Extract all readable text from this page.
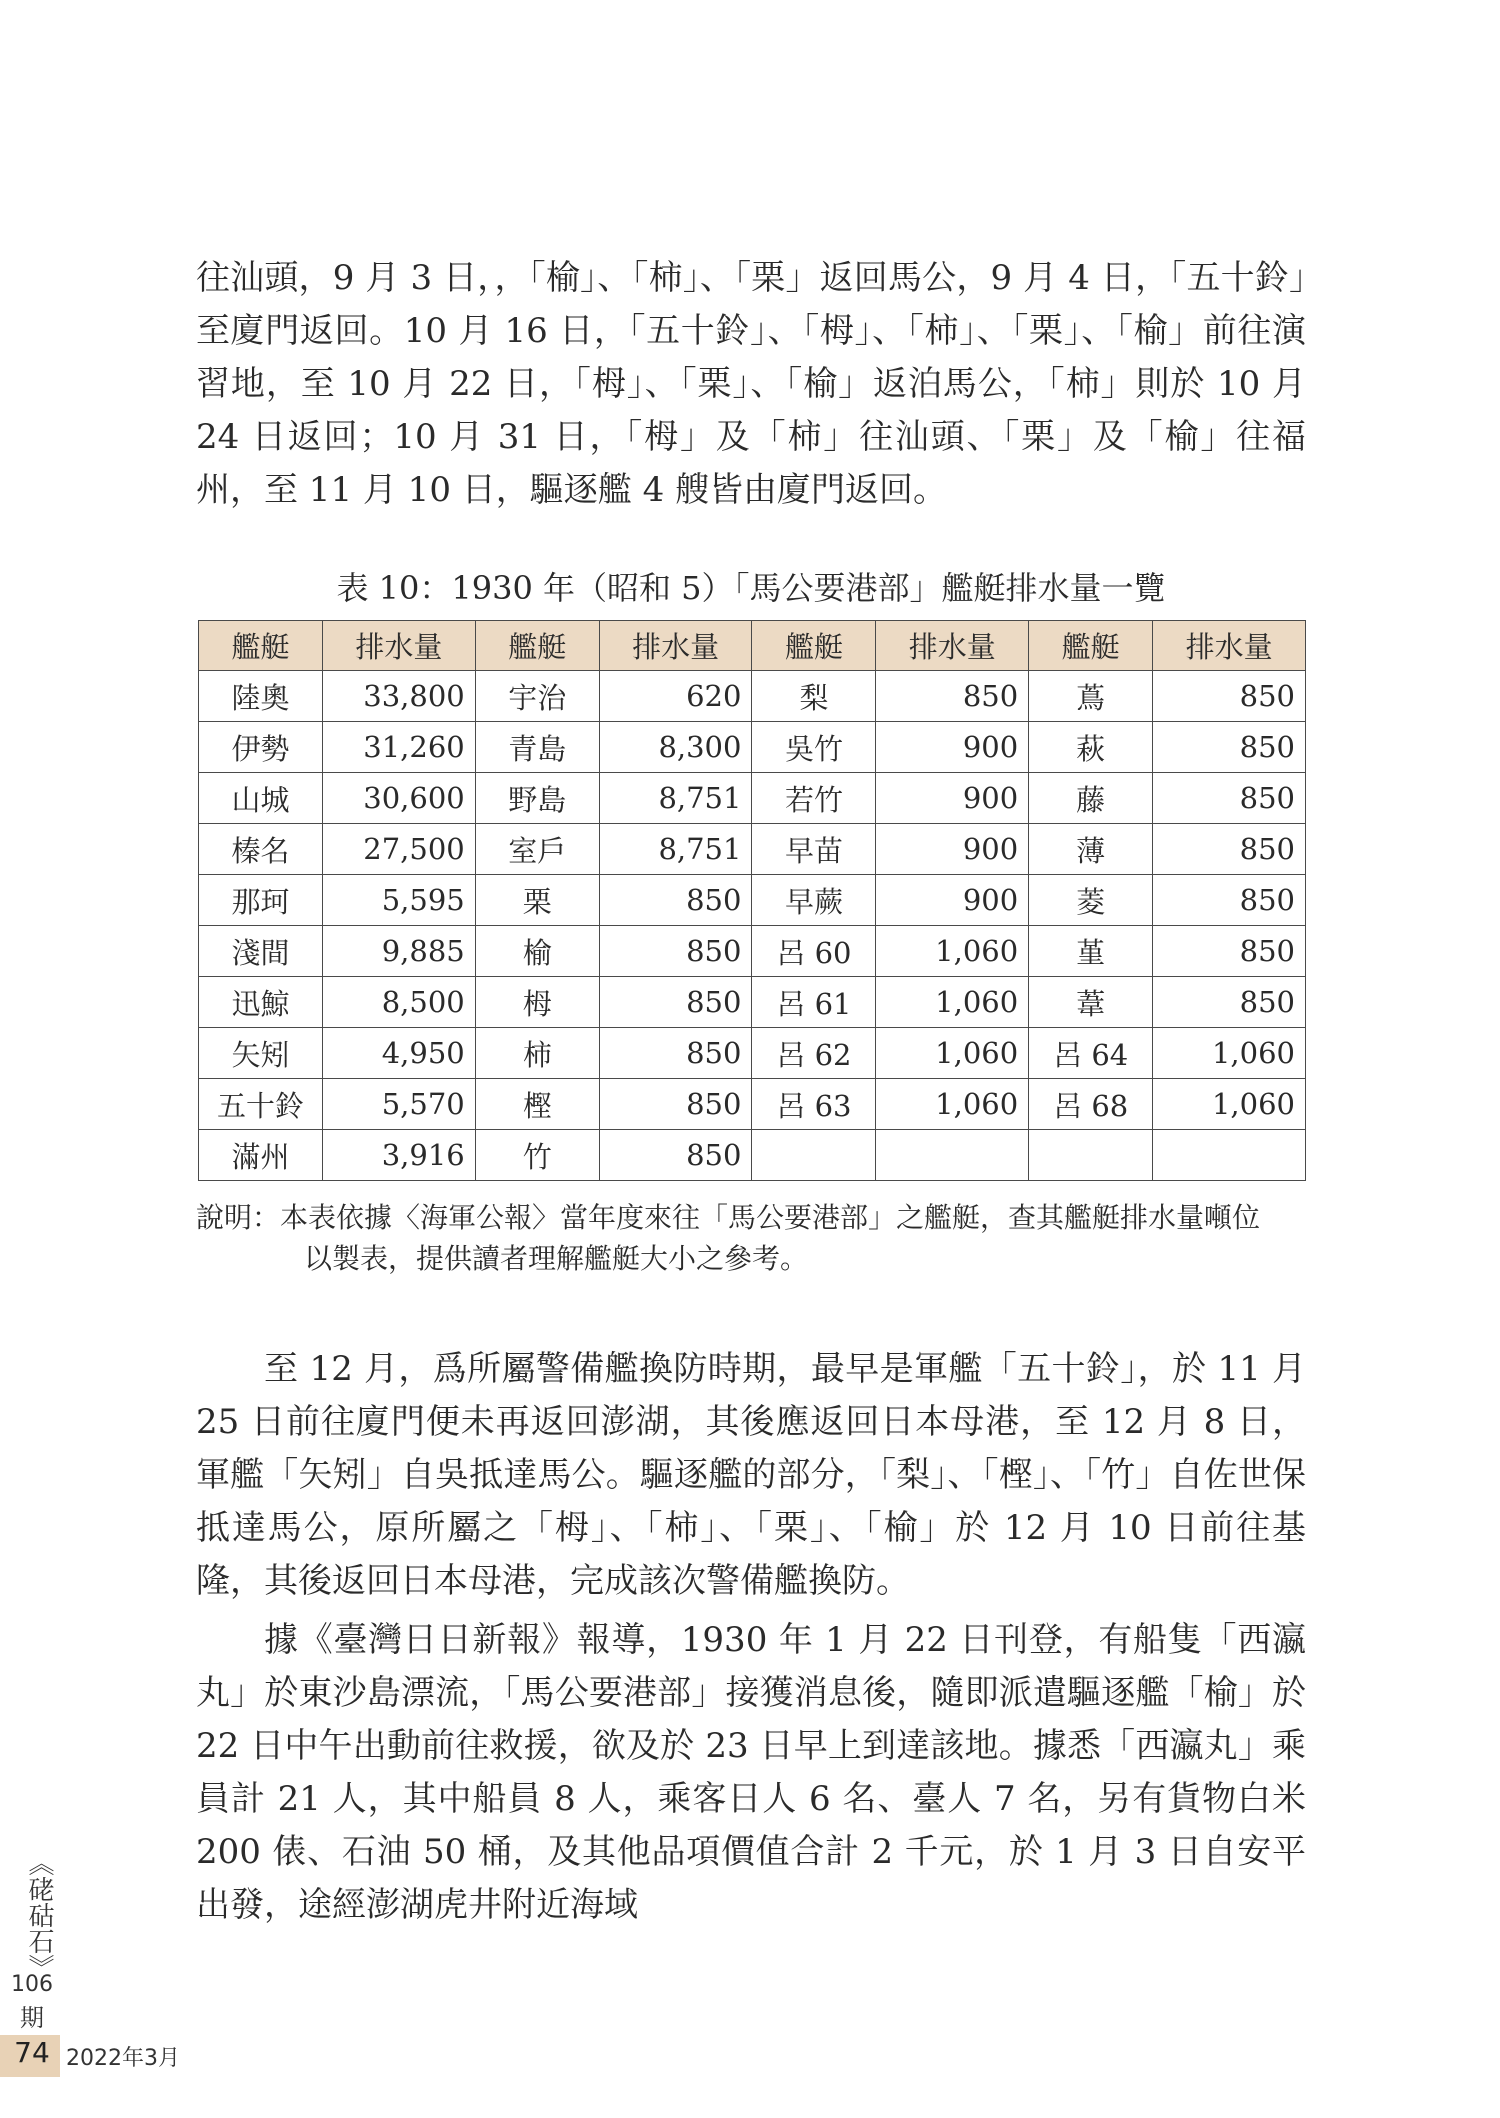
往汕頭，9 月 3 日，，「榆」、「柿」、「栗」返回馬公，9 月 4 日，「五十鈴」至廈門返回。10 月 16 日，「五十鈴」、「栂」、「柿」、「栗」、「榆」前往演習地，至 10 月 22 日，「栂」、「栗」、「榆」返泊馬公，「柿」則於 10 月 24 日返回；10 月 31 日，「栂」及「柿」往汕頭、「栗」及「榆」往福州，至 11 月 10 日，驅逐艦 4 艘皆由廈門返回。

表 10：1930 年（昭和 5）「馬公要港部」艦艇排水量一覽

艦艇	排水量	艦艇	排水量	艦艇	排水量	艦艇	排水量
陸奧	33,800	宇治	620	梨	850	蔦	850
伊勢	31,260	青島	8,300	吳竹	900	萩	850
山城	30,600	野島	8,751	若竹	900	藤	850
榛名	27,500	室戶	8,751	早苗	900	薄	850
那珂	5,595	栗	850	早蕨	900	菱	850
淺間	9,885	榆	850	呂 60	1,060	堇	850
迅鯨	8,500	栂	850	呂 61	1,060	葦	850
矢矧	4,950	柿	850	呂 62	1,060	呂 64	1,060
五十鈴	5,570	樫	850	呂 63	1,060	呂 68	1,060
滿州	3,916	竹	850				
說明：本表依據〈海軍公報〉當年度來往「馬公要港部」之艦艇，查其艦艇排水量噸位
以製表，提供讀者理解艦艇大小之參考。

至 12 月，爲所屬警備艦換防時期，最早是軍艦「五十鈴」，於 11 月 25 日前往廈門便未再返回澎湖，其後應返回日本母港，至 12 月 8 日，軍艦「矢矧」自吳抵達馬公。驅逐艦的部分，「梨」、「樫」、「竹」自佐世保抵達馬公，原所屬之「栂」、「柿」、「栗」、「榆」於 12 月 10 日前往基隆，其後返回日本母港，完成該次警備艦換防。

據《臺灣日日新報》報導，1930 年 1 月 22 日刊登，有船隻「西瀛丸」於東沙島漂流，「馬公要港部」接獲消息後，隨即派遣驅逐艦「榆」於 22 日中午出動前往救援，欲及於 23 日早上到達該地。據悉「西瀛丸」乘員計 21 人，其中船員 8 人，乘客日人 6 名、臺人 7 名，另有貨物白米 200 俵、石油 50 桶，及其他品項價值合計 2 千元，於 1 月 3 日自安平出發，途經澎湖虎井附近海域

《硓𥑮石》
106
期
74 2022年3月
